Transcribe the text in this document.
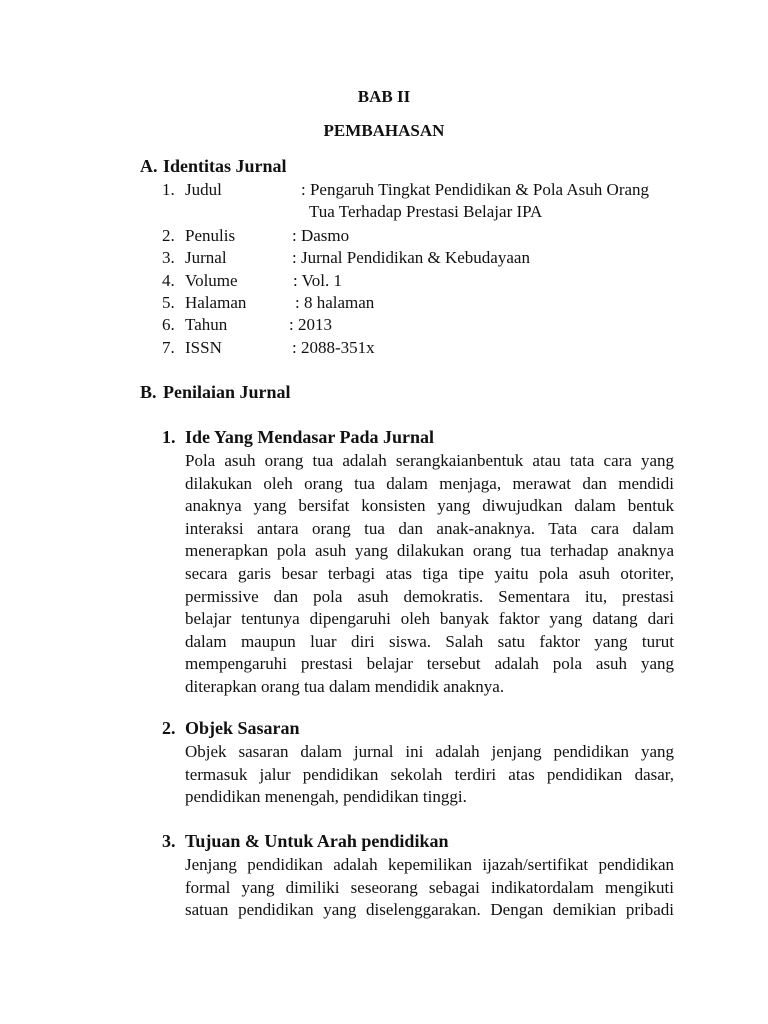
BAB II
PEMBAHASAN
A. Identitas Jurnal
1. Judul	: Pengaruh Tingkat Pendidikan & Pola Asuh Orang
Tua Terhadap Prestasi Belajar IPA
2. Penulis	: Dasmo
3. Jurnal	: Jurnal Pendidikan & Kebudayaan
4. Volume	: Vol. 1
5. Halaman	: 8 halaman
6. Tahun	: 2013
7. ISSN	: 2088-351x
B. Penilaian Jurnal
1. Ide Yang Mendasar Pada Jurnal
Pola asuh orang tua adalah serangkaianbentuk atau tata cara yang
dilakukan oleh orang tua dalam menjaga, merawat dan mendidi
anaknya yang bersifat konsisten yang diwujudkan dalam bentuk
interaksi antara orang tua dan anak-anaknya. Tata cara dalam
menerapkan pola asuh yang dilakukan orang tua terhadap anaknya
secara garis besar terbagi atas tiga tipe yaitu pola asuh otoriter,
permissive dan pola asuh demokratis. Sementara itu, prestasi
belajar tentunya dipengaruhi oleh banyak faktor yang datang dari
dalam maupun luar diri siswa. Salah satu faktor yang turut
mempengaruhi prestasi belajar tersebut adalah pola asuh yang
diterapkan orang tua dalam mendidik anaknya.
2. Objek Sasaran
Objek sasaran dalam jurnal ini adalah jenjang pendidikan yang
termasuk jalur pendidikan sekolah terdiri atas pendidikan dasar,
pendidikan menengah, pendidikan tinggi.
3. Tujuan & Untuk Arah pendidikan
Jenjang pendidikan adalah kepemilikan ijazah/sertifikat pendidikan
formal yang dimiliki seseorang sebagai indikatordalam mengikuti
satuan pendidikan yang diselenggarakan. Dengan demikian pribadi
